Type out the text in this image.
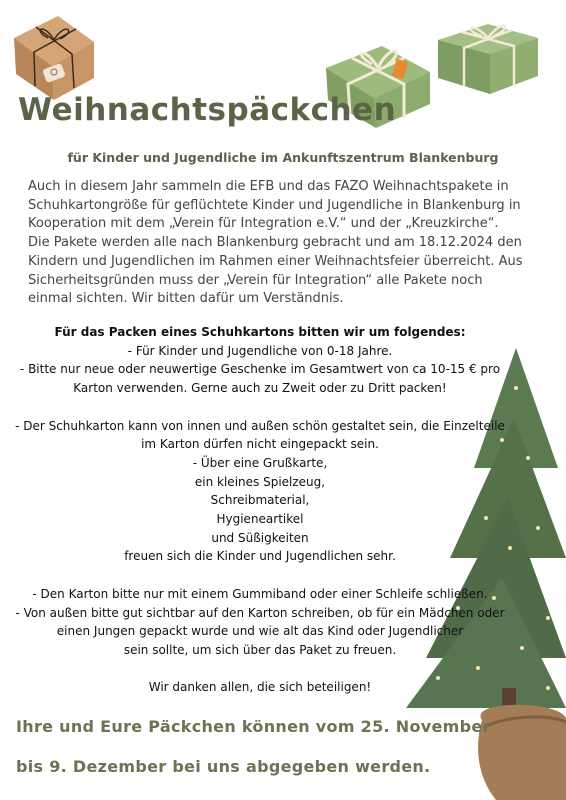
Weihnachtspäckchen

für Kinder und Jugendliche im Ankunftszentrum Blankenburg

Auch in diesem Jahr sammeln die EFB und das FAZO Weihnachtspakete in
Schuhkartongröße für geflüchtete Kinder und Jugendliche in Blankenburg in
Kooperation mit dem „Verein für Integration e.V.“ und der „Kreuzkirche“.
Die Pakete werden alle nach Blankenburg gebracht und am 18.12.2024 den
Kindern und Jugendlichen im Rahmen einer Weihnachtsfeier überreicht. Aus
Sicherheitsgründen muss der „Verein für Integration“ alle Pakete noch
einmal sichten. Wir bitten dafür um Verständnis.

Für das Packen eines Schuhkartons bitten wir um folgendes:
- Für Kinder und Jugendliche von 0-18 Jahre.
- Bitte nur neue oder neuwertige Geschenke im Gesamtwert von ca 10-15 € pro
Karton verwenden. Gerne auch zu Zweit oder zu Dritt packen!
- Der Schuhkarton kann von innen und außen schön gestaltet sein, die Einzelteile
im Karton dürfen nicht eingepackt sein.
- Über eine Grußkarte,
ein kleines Spielzeug,
Schreibmaterial,
Hygieneartikel
und Süßigkeiten
freuen sich die Kinder und Jugendlichen sehr.
- Den Karton bitte nur mit einem Gummiband oder einer Schleife schließen.
- Von außen bitte gut sichtbar auf den Karton schreiben, ob für ein Mädchen oder
einen Jungen gepackt wurde und wie alt das Kind oder Jugendlicher
sein sollte, um sich über das Paket zu freuen.
Wir danken allen, die sich beteiligen!
Ihre und Eure Päckchen können vom 25. November
bis 9. Dezember bei uns abgegeben werden.
